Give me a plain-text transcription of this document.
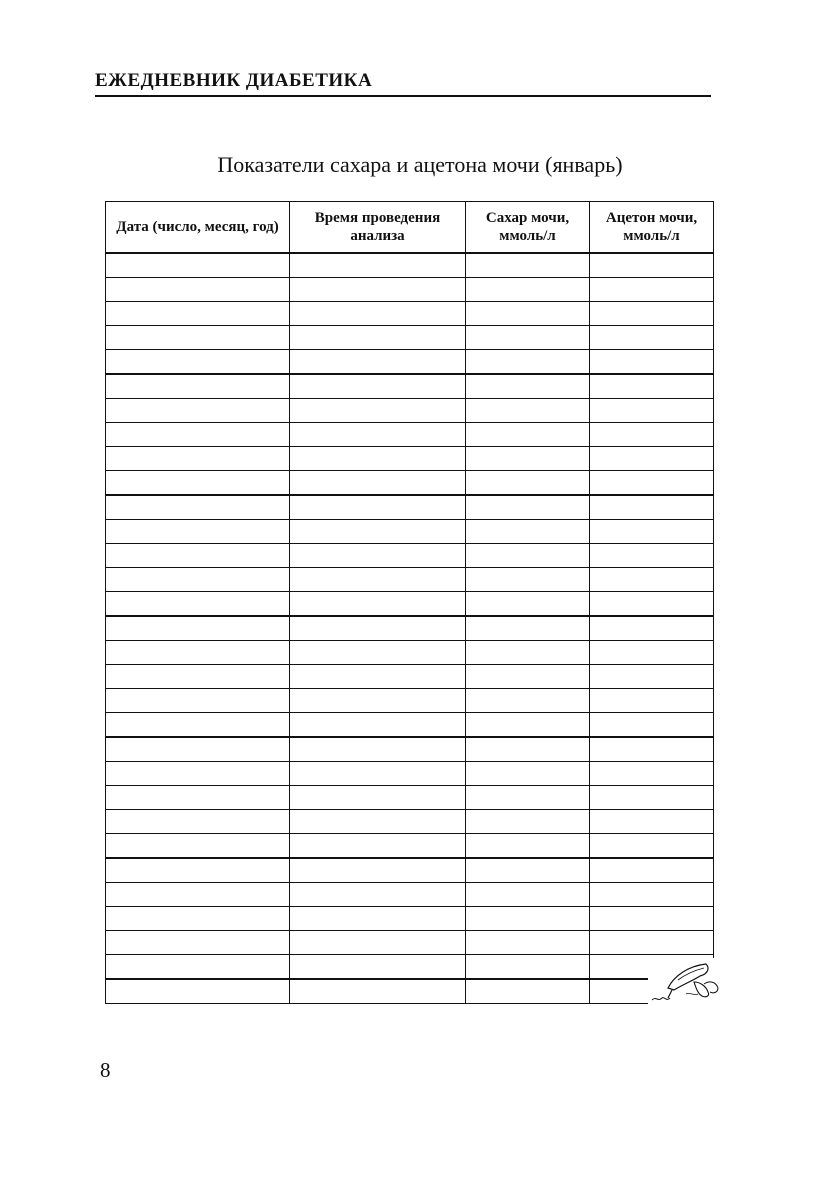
ЕЖЕДНЕВНИК ДИАБЕТИКА
Показатели сахара и ацетона мочи (январь)
Дата (число, месяц, год)	Время проведения анализа	Сахар мочи, ммоль/л	Ацетон мочи, ммоль/л

8
